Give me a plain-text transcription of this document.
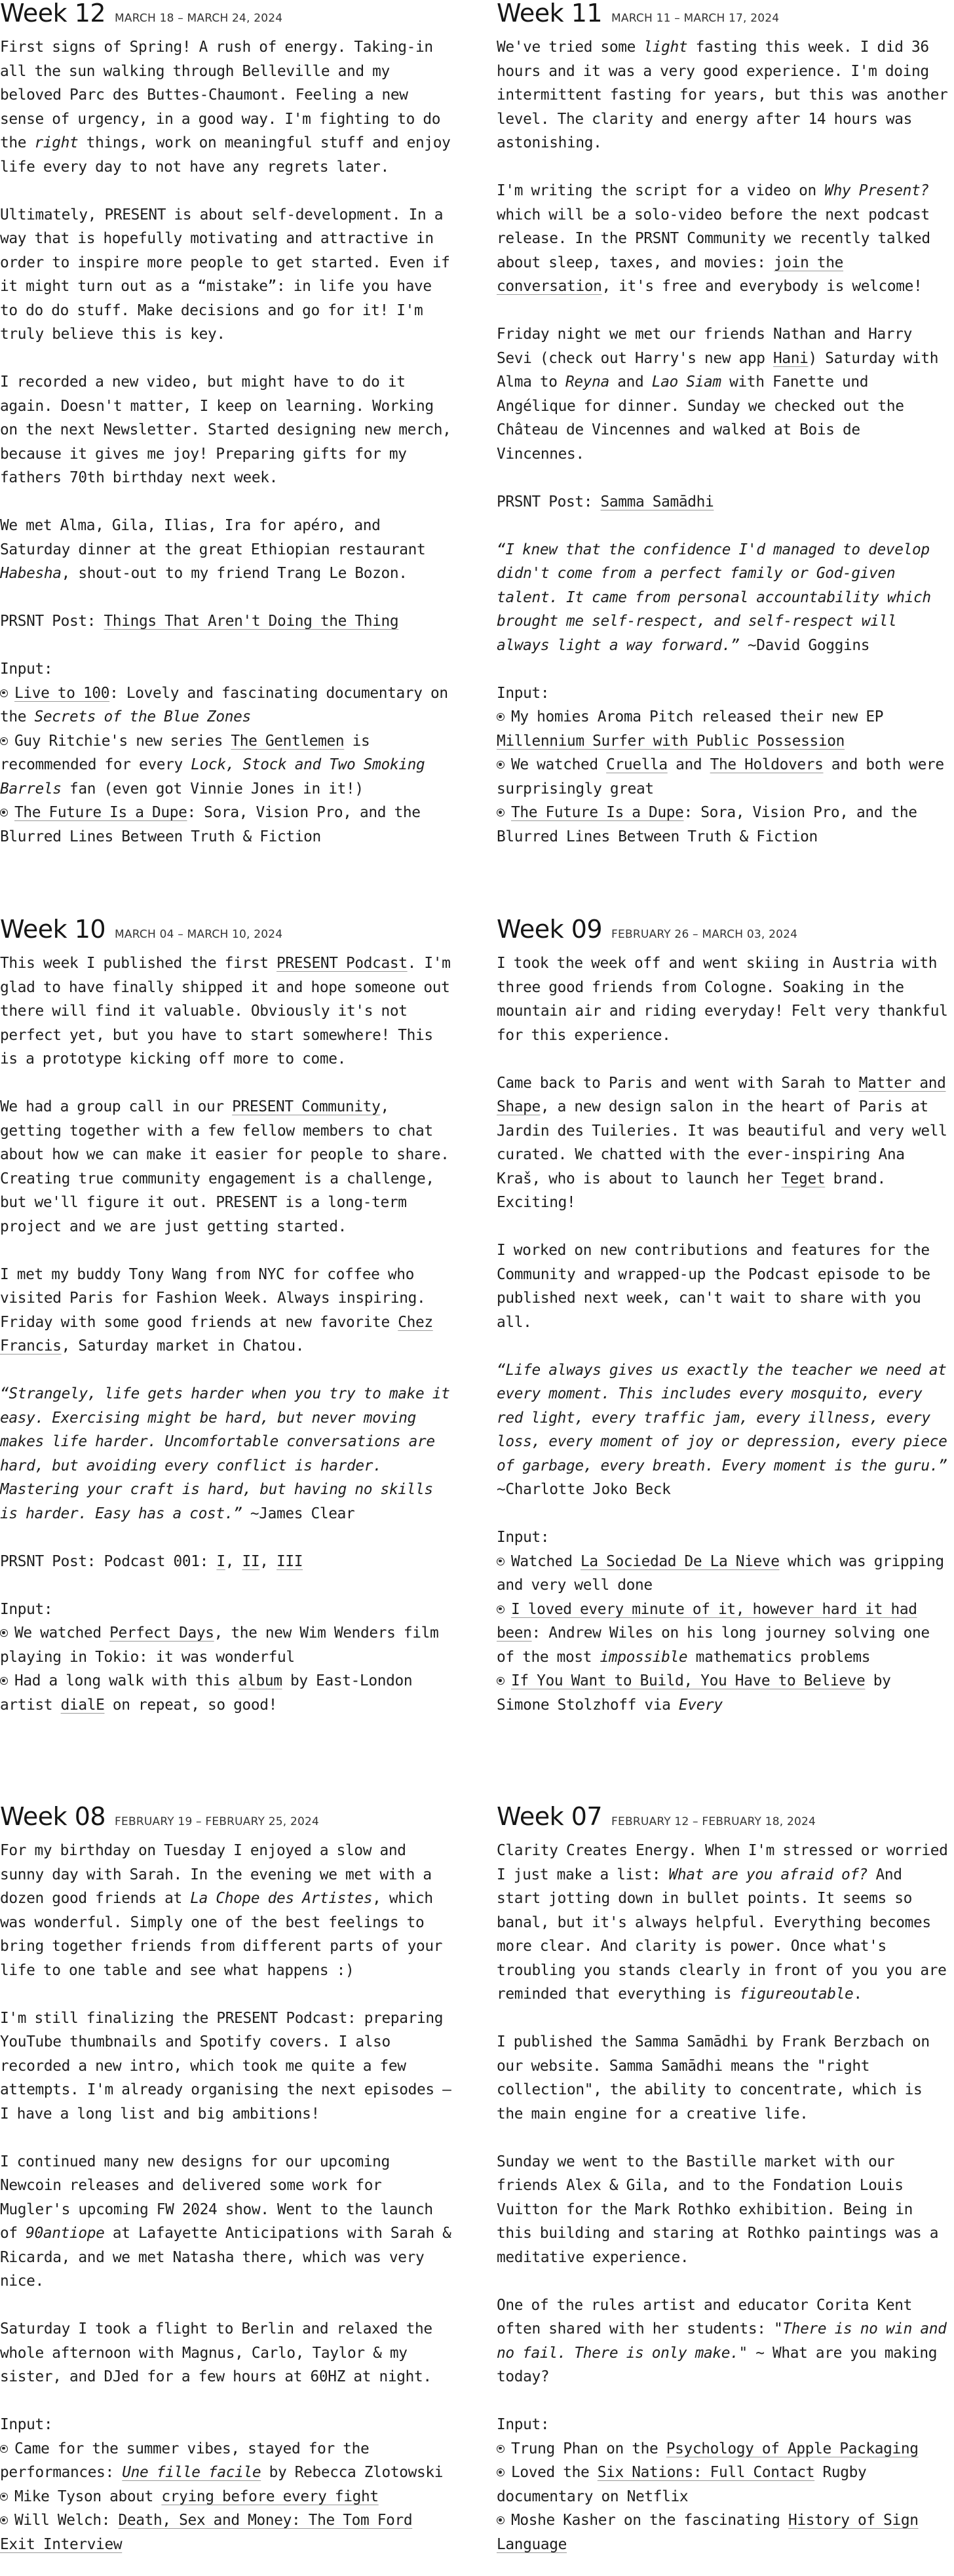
Week 12 MARCH 18 – MARCH 24, 2024

First signs of Spring! A rush of energy. Taking-in all the sun walking through Belleville and my beloved Parc des Buttes-Chaumont. Feeling a new sense of urgency, in a good way. I'm fighting to do the right things, work on meaningful stuff and enjoy life every day to not have any regrets later.

Ultimately, PRESENT is about self-development. In a way that is hopefully motivating and attractive in order to inspire more people to get started. Even if it might turn out as a “mistake”: in life you have to do do stuff. Make decisions and go for it! I'm truly believe this is key.

I recorded a new video, but might have to do it again. Doesn't matter, I keep on learning. Working on the next Newsletter. Started designing new merch, because it gives me joy! Preparing gifts for my fathers 70th birthday next week.

We met Alma, Gila, Ilias, Ira for apéro, and Saturday dinner at the great Ethiopian restaurant Habesha, shout-out to my friend Trang Le Bozon.

PRSNT Post: Things That Aren't Doing the Thing

Input:
Live to 100: Lovely and fascinating documentary on the Secrets of the Blue Zones
Guy Ritchie's new series The Gentlemen is recommended for every Lock, Stock and Two Smoking Barrels fan (even got Vinnie Jones in it!)
The Future Is a Dupe: Sora, Vision Pro, and the Blurred Lines Between Truth & Fiction
Week 11 MARCH 11 – MARCH 17, 2024

We've tried some light fasting this week. I did 36 hours and it was a very good experience. I'm doing intermittent fasting for years, but this was another level. The clarity and energy after 14 hours was astonishing.

I'm writing the script for a video on Why Present? which will be a solo-video before the next podcast release. In the PRSNT Community we recently talked about sleep, taxes, and movies: join the conversation, it's free and everybody is welcome!

Friday night we met our friends Nathan and Harry Sevi (check out Harry's new app Hani) Saturday with Alma to Reyna and Lao Siam with Fanette und Angélique for dinner. Sunday we checked out the Château de Vincennes and walked at Bois de Vincennes.

PRSNT Post: Samma Samādhi

“I knew that the confidence I'd managed to develop didn't come from a perfect family or God-given talent. It came from personal accountability which brought me self-respect, and self-respect will always light a way forward.” ~David Goggins

Input:
My homies Aroma Pitch released their new EP Millennium Surfer with Public Possession
We watched Cruella and The Holdovers and both were surprisingly great
The Future Is a Dupe: Sora, Vision Pro, and the Blurred Lines Between Truth & Fiction
Week 10 MARCH 04 – MARCH 10, 2024

This week I published the first PRESENT Podcast. I'm glad to have finally shipped it and hope someone out there will find it valuable. Obviously it's not perfect yet, but you have to start somewhere! This is a prototype kicking off more to come.

We had a group call in our PRESENT Community, getting together with a few fellow members to chat about how we can make it easier for people to share. Creating true community engagement is a challenge, but we'll figure it out. PRESENT is a long-term project and we are just getting started.

I met my buddy Tony Wang from NYC for coffee who visited Paris for Fashion Week. Always inspiring. Friday with some good friends at new favorite Chez Francis, Saturday market in Chatou.

“Strangely, life gets harder when you try to make it easy. Exercising might be hard, but never moving makes life harder. Uncomfortable conversations are hard, but avoiding every conflict is harder. Mastering your craft is hard, but having no skills is harder. Easy has a cost.” ~James Clear

PRSNT Post: Podcast 001: I, II, III

Input:
We watched Perfect Days, the new Wim Wenders film playing in Tokio: it was wonderful
Had a long walk with this album by East-London artist dialE on repeat, so good!
Week 09 FEBRUARY 26 – MARCH 03, 2024

I took the week off and went skiing in Austria with three good friends from Cologne. Soaking in the mountain air and riding everyday! Felt very thankful for this experience.

Came back to Paris and went with Sarah to Matter and Shape, a new design salon in the heart of Paris at Jardin des Tuileries. It was beautiful and very well curated. We chatted with the ever-inspiring Ana Kraš, who is about to launch her Teget brand. Exciting!

I worked on new contributions and features for the Community and wrapped-up the Podcast episode to be published next week, can't wait to share with you all.

“Life always gives us exactly the teacher we need at every moment. This includes every mosquito, every red light, every traffic jam, every illness, every loss, every moment of joy or depression, every piece of garbage, every breath. Every moment is the guru.” ~Charlotte Joko Beck

Input:
Watched La Sociedad De La Nieve which was gripping and very well done
I loved every minute of it, however hard it had been: Andrew Wiles on his long journey solving one of the most impossible mathematics problems
If You Want to Build, You Have to Believe by Simone Stolzhoff via Every
Week 08 FEBRUARY 19 – FEBRUARY 25, 2024

For my birthday on Tuesday I enjoyed a slow and sunny day with Sarah. In the evening we met with a dozen good friends at La Chope des Artistes, which was wonderful. Simply one of the best feelings to bring together friends from different parts of your life to one table and see what happens :)

I'm still finalizing the PRESENT Podcast: preparing YouTube thumbnails and Spotify covers. I also recorded a new intro, which took me quite a few attempts. I'm already organising the next episodes — I have a long list and big ambitions!

I continued many new designs for our upcoming Newcoin releases and delivered some work for Mugler's upcoming FW 2024 show. Went to the launch of 90antiope at Lafayette Anticipations with Sarah & Ricarda, and we met Natasha there, which was very nice.

Saturday I took a flight to Berlin and relaxed the whole afternoon with Magnus, Carlo, Taylor & my sister, and DJed for a few hours at 60HZ at night.

Input:
Came for the summer vibes, stayed for the performances: Une fille facile by Rebecca Zlotowski
Mike Tyson about crying before every fight
Will Welch: Death, Sex and Money: The Tom Ford Exit Interview
Week 07 FEBRUARY 12 – FEBRUARY 18, 2024

Clarity Creates Energy. When I'm stressed or worried I just make a list: What are you afraid of? And start jotting down in bullet points. It seems so banal, but it's always helpful. Everything becomes more clear. And clarity is power. Once what's troubling you stands clearly in front of you you are reminded that everything is figureoutable.

I published the Samma Samādhi by Frank Berzbach on our website. Samma Samādhi means the "right collection", the ability to concentrate, which is the main engine for a creative life.

Sunday we went to the Bastille market with our friends Alex & Gila, and to the Fondation Louis Vuitton for the Mark Rothko exhibition. Being in this building and staring at Rothko paintings was a meditative experience.

One of the rules artist and educator Corita Kent often shared with her students: "There is no win and no fail. There is only make." ~ What are you making today?

Input:
Trung Phan on the Psychology of Apple Packaging
Loved the Six Nations: Full Contact Rugby documentary on Netflix
Moshe Kasher on the fascinating History of Sign Language
